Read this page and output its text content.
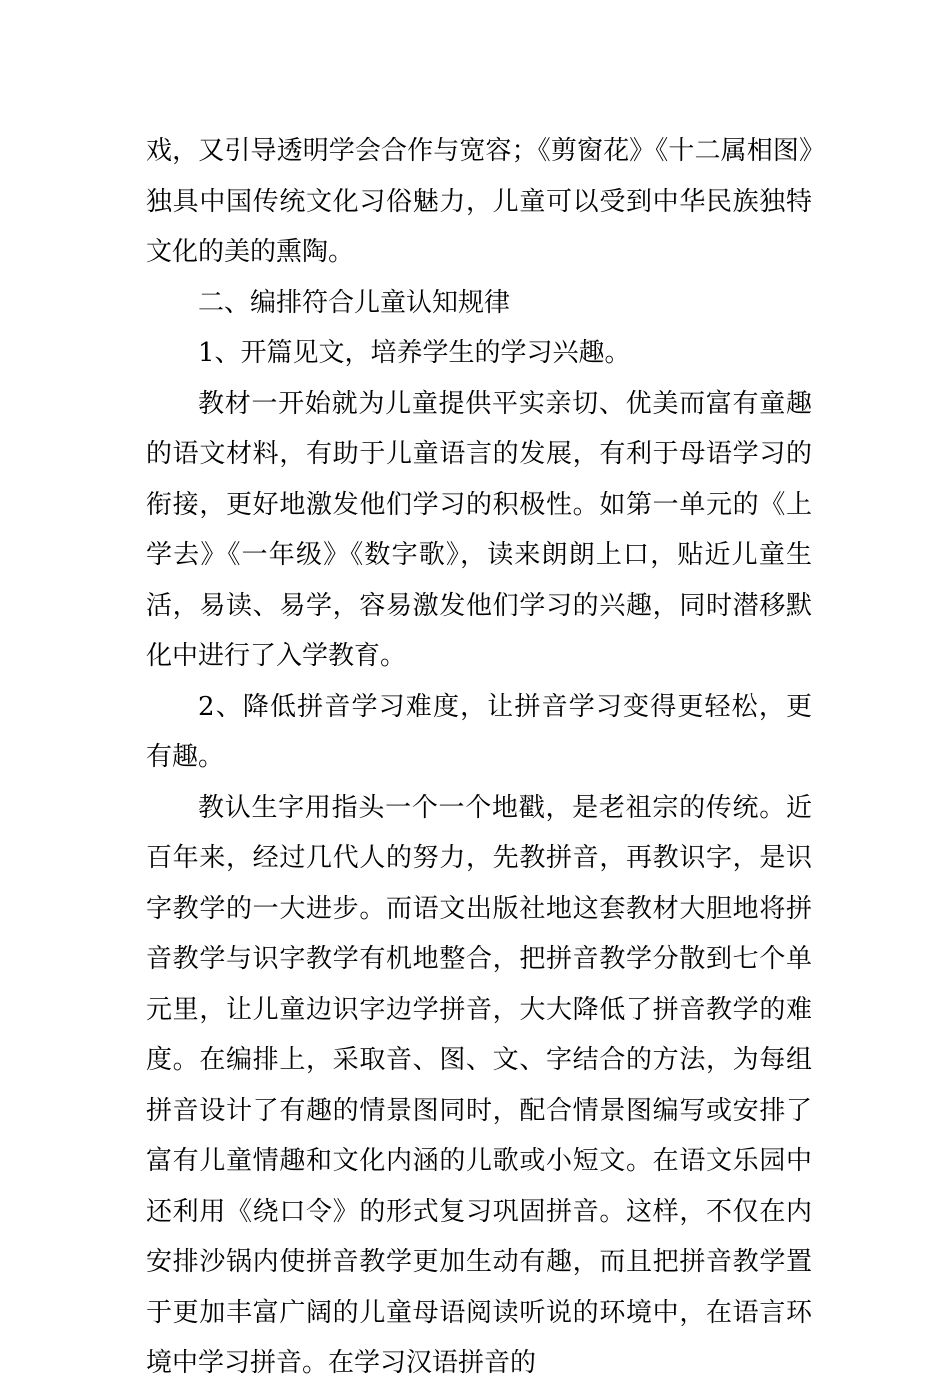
戏，又引导透明学会合作与宽容；《剪窗花》《十二属相图》独具中国传统文化习俗魅力，儿童可以受到中华民族独特文化的美的熏陶。

二、编排符合儿童认知规律

1、开篇见文，培养学生的学习兴趣。

教材一开始就为儿童提供平实亲切、优美而富有童趣的语文材料，有助于儿童语言的发展，有利于母语学习的衔接，更好地激发他们学习的积极性。如第一单元的《上学去》《一年级》《数字歌》，读来朗朗上口，贴近儿童生活，易读、易学，容易激发他们学习的兴趣，同时潜移默化中进行了入学教育。

2、降低拼音学习难度，让拼音学习变得更轻松，更有趣。

教认生字用指头一个一个地戳，是老祖宗的传统。近百年来，经过几代人的努力，先教拼音，再教识字，是识字教学的一大进步。而语文出版社地这套教材大胆地将拼音教学与识字教学有机地整合，把拼音教学分散到七个单元里，让儿童边识字边学拼音，大大降低了拼音教学的难度。在编排上，采取音、图、文、字结合的方法，为每组拼音设计了有趣的情景图同时，配合情景图编写或安排了富有儿童情趣和文化内涵的儿歌或小短文。在语文乐园中还利用《绕口令》的形式复习巩固拼音。这样，不仅在内安排沙锅内使拼音教学更加生动有趣，而且把拼音教学置于更加丰富广阔的儿童母语阅读听说的环境中，在语言环境中学习拼音。在学习汉语拼音的
